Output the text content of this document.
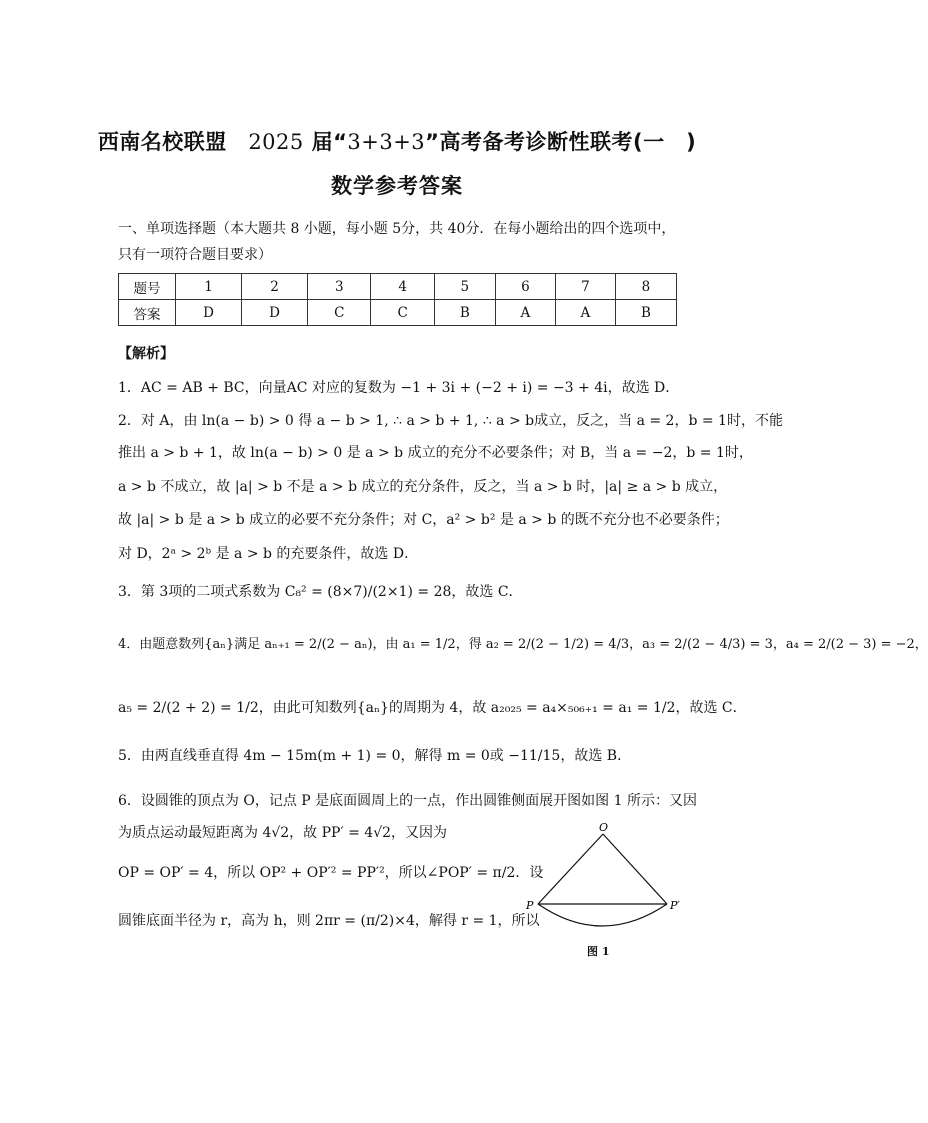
西南名校联盟　2025 届“3+3+3”高考备考诊断性联考(一　)
数学参考答案
一、单项选择题（本大题共 8 小题，每小题 5分，共 40分．在每小题给出的四个选项中，只有一项符合题目要求）
题号	1	2	3	4	5	6	7	8
答案	D	D	C	C	B	A	A	B
【解析】
1．AC = AB + BC，向量AC 对应的复数为 −1 + 3i + (−2 + i) = −3 + 4i，故选 D．
2．对 A，由 ln(a − b) > 0 得 a − b > 1, ∴ a > b + 1, ∴ a > b成立，反之，当 a = 2，b = 1时，不能
推出 a > b + 1，故 ln(a − b) > 0 是 a > b 成立的充分不必要条件；对 B，当 a = −2，b = 1时，
a > b 不成立，故 |a| > b 不是 a > b 成立的充分条件，反之，当 a > b 时，|a| ≥ a > b 成立，
故 |a| > b 是 a > b 成立的必要不充分条件；对 C，a² > b² 是 a > b 的既不充分也不必要条件；
对 D，2ᵃ > 2ᵇ 是 a > b 的充要条件，故选 D．
3．第 3项的二项式系数为 C₈² = (8×7)/(2×1) = 28，故选 C．
4．由题意数列{aₙ}满足 aₙ₊₁ = 2/(2 − aₙ)，由 a₁ = 1/2，得 a₂ = 2/(2 − 1/2) = 4/3，a₃ = 2/(2 − 4/3) = 3，a₄ = 2/(2 − 3) = −2，
a₅ = 2/(2 + 2) = 1/2，由此可知数列{aₙ}的周期为 4，故 a₂₀₂₅ = a₄×₅₀₆₊₁ = a₁ = 1/2，故选 C．
5．由两直线垂直得 4m − 15m(m + 1) = 0，解得 m = 0或 −11/15，故选 B．
6．设圆锥的顶点为 O，记点 P 是底面圆周上的一点，作出圆锥侧面展开图如图 1 所示：又因
为质点运动最短距离为 4√2，故 PP′ = 4√2，又因为
OP = OP′ = 4，所以 OP² + OP′² = PP′²，所以∠POP′ = π/2．设
圆锥底面半径为 r，高为 h，则 2πr = (π/2)×4，解得 r = 1，所以
O
P	P′
图 1
